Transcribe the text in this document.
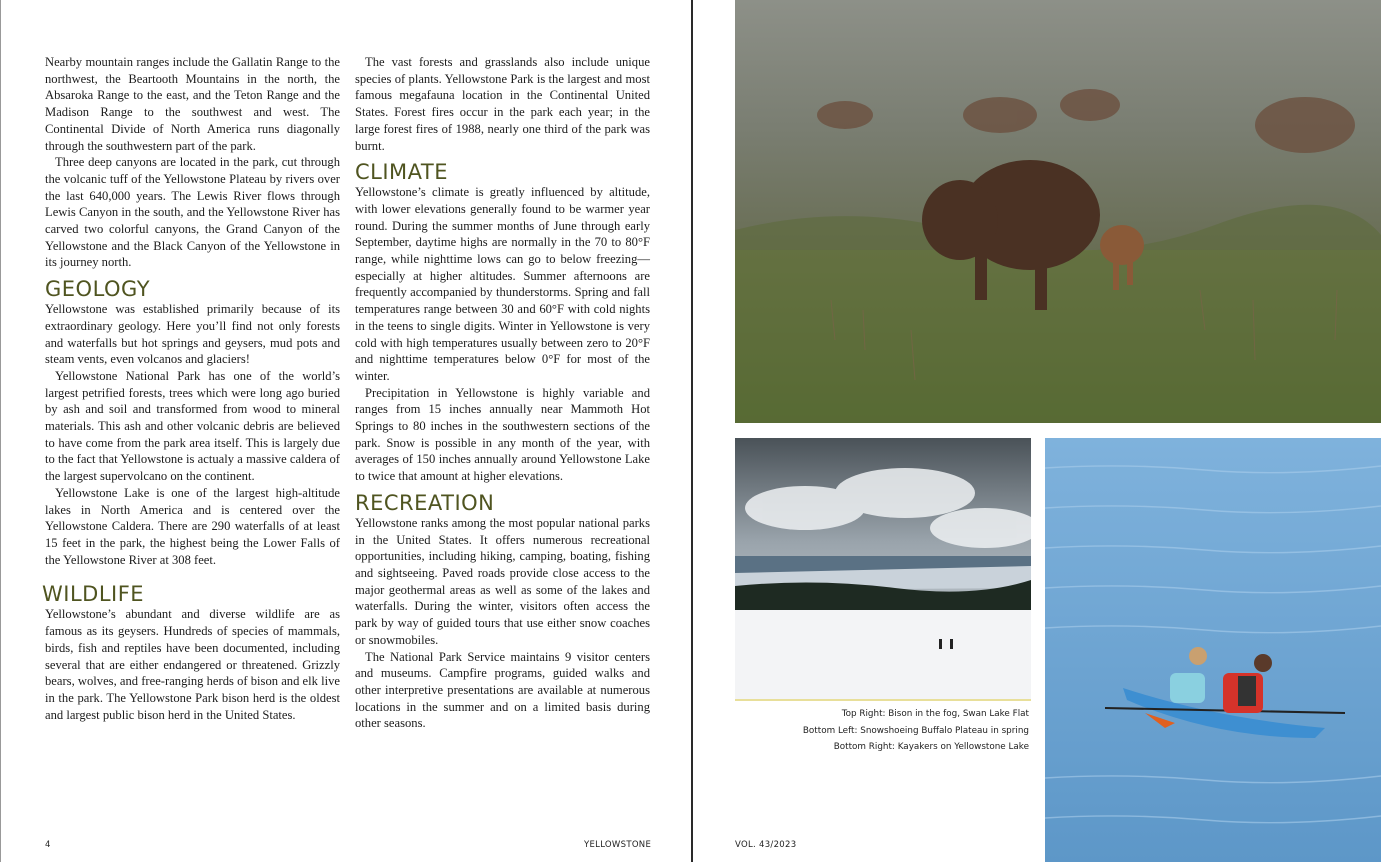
Nearby mountain ranges include the Gallatin Range to the northwest, the Beartooth Mountains in the north, the Absaroka Range to the east, and the Teton Range and the Madison Range to the southwest and west. The Continental Divide of North America runs diagonally through the southwestern part of the park.

Three deep canyons are located in the park, cut through the volcanic tuff of the Yellowstone Plateau by rivers over the last 640,000 years. The Lewis River flows through Lewis Canyon in the south, and the Yellowstone River has carved two colorful canyons, the Grand Canyon of the Yellowstone and the Black Canyon of the Yellowstone in its journey north.

GEOLOGY

Yellowstone was established primarily because of its extraordinary geology. Here you’ll find not only forests and waterfalls but hot springs and geysers, mud pots and steam vents, even volcanos and glaciers!

Yellowstone National Park has one of the world’s largest petrified forests, trees which were long ago buried by ash and soil and transformed from wood to mineral materials. This ash and other volcanic debris are believed to have come from the park area itself. This is largely due to the fact that Yellowstone is actualy a massive caldera of the largest supervolcano on the continent.

Yellowstone Lake is one of the largest high-altitude lakes in North America and is centered over the Yellowstone Caldera. There are 290 waterfalls of at least 15 feet in the park, the highest being the Lower Falls of the Yellowstone River at 308 feet.

WILDLIFE

Yellowstone’s abundant and diverse wildlife are as famous as its geysers. Hundreds of species of mammals, birds, fish and reptiles have been documented, including several that are either endangered or threatened. Grizzly bears, wolves, and free-ranging herds of bison and elk live in the park. The Yellowstone Park bison herd is the oldest and largest public bison herd in the United States.

The vast forests and grasslands also include unique species of plants. Yellowstone Park is the largest and most famous megafauna location in the Continental United States. Forest fires occur in the park each year; in the large forest fires of 1988, nearly one third of the park was burnt.

CLIMATE

Yellowstone’s climate is greatly influenced by altitude, with lower elevations generally found to be warmer year round. During the summer months of June through early September, daytime highs are normally in the 70 to 80°F range, while nighttime lows can go to below freezing—especially at higher altitudes. Summer afternoons are frequently accompanied by thunderstorms. Spring and fall temperatures range between 30 and 60°F with cold nights in the teens to single digits. Winter in Yellowstone is very cold with high temperatures usually between zero to 20°F and nighttime temperatures below 0°F for most of the winter.

Precipitation in Yellowstone is highly variable and ranges from 15 inches annually near Mammoth Hot Springs to 80 inches in the southwestern sections of the park. Snow is possible in any month of the year, with averages of 150 inches annually around Yellowstone Lake to twice that amount at higher elevations.

RECREATION

Yellowstone ranks among the most popular national parks in the United States. It offers numerous recreational opportunities, including hiking, camping, boating, fishing and sightseeing. Paved roads provide close access to the major geothermal areas as well as some of the lakes and waterfalls. During the winter, visitors often access the park by way of guided tours that use either snow coaches or snowmobiles.

The National Park Service maintains 9 visitor centers and museums. Campfire programs, guided walks and other interpretive presentations are available at numerous locations in the summer and on a limited basis during other seasons.

4	YELLOWSTONE
Top Right: Bison in the fog, Swan Lake Flat
Bottom Left: Snowshoeing Buffalo Plateau in spring
Bottom Right: Kayakers on Yellowstone Lake
VOL. 43/2023
